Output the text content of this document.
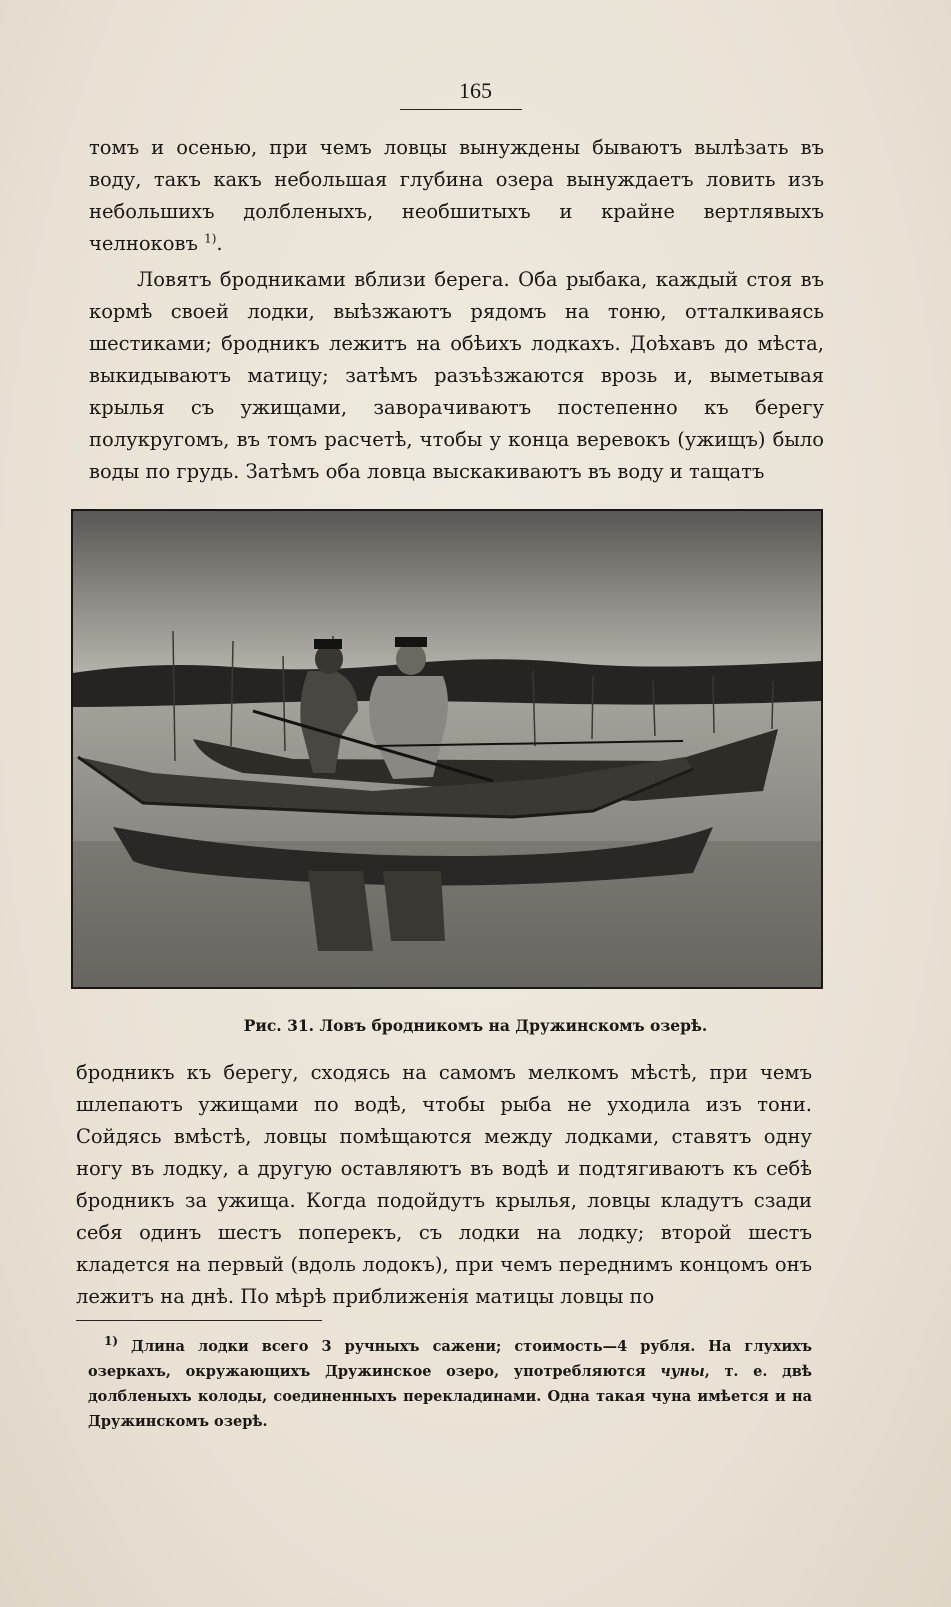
165

томъ и осенью, при чемъ ловцы вынуждены бываютъ вылѣзать въ воду, такъ какъ небольшая глубина озера вынуждаетъ ловить изъ небольшихъ долбленыхъ, необшитыхъ и крайне вертлявыхъ челноковъ $^{1)}$.

Ловятъ бродниками вблизи берега. Оба рыбака, каждый стоя въ кормѣ своей лодки, выѣзжаютъ рядомъ на тоню, отталкиваясь шестиками; бродникъ лежитъ на обѣихъ лодкахъ. Доѣхавъ до мѣста, выкидываютъ матицу; затѣмъ разъѣзжаются врозь и, выметывая крылья съ ужищами, заворачиваютъ постепенно къ берегу полукругомъ, въ томъ расчетѣ, чтобы у конца веревокъ (ужищъ) было воды по грудь. Затѣмъ оба ловца выскакиваютъ въ воду и тащатъ

Рис. 31. Ловъ бродникомъ на Дружинскомъ озерѣ.

бродникъ къ берегу, сходясь на самомъ мелкомъ мѣстѣ, при чемъ шлепаютъ ужищами по водѣ, чтобы рыба не уходила изъ тони. Сойдясь вмѣстѣ, ловцы помѣщаются между лодками, ставятъ одну ногу въ лодку, а другую оставляютъ въ водѣ и подтягиваютъ къ себѣ бродникъ за ужища. Когда подойдутъ крылья, ловцы кладутъ сзади себя одинъ шестъ поперекъ, съ лодки на лодку; второй шестъ кладется на первый (вдоль лодокъ), при чемъ переднимъ концомъ онъ лежитъ на днѣ. По мѣрѣ приближенія матицы ловцы по

$^{1)}$ Длина лодки всего 3 ручныхъ сажени; стоимость—4 рубля. На глухихъ озеркахъ, окружающихъ Дружинское озеро, употребляются чуны, т. е. двѣ долбленыхъ колоды, соединенныхъ перекладинами. Одна такая чуна имѣется и на Дружинскомъ озерѣ.
